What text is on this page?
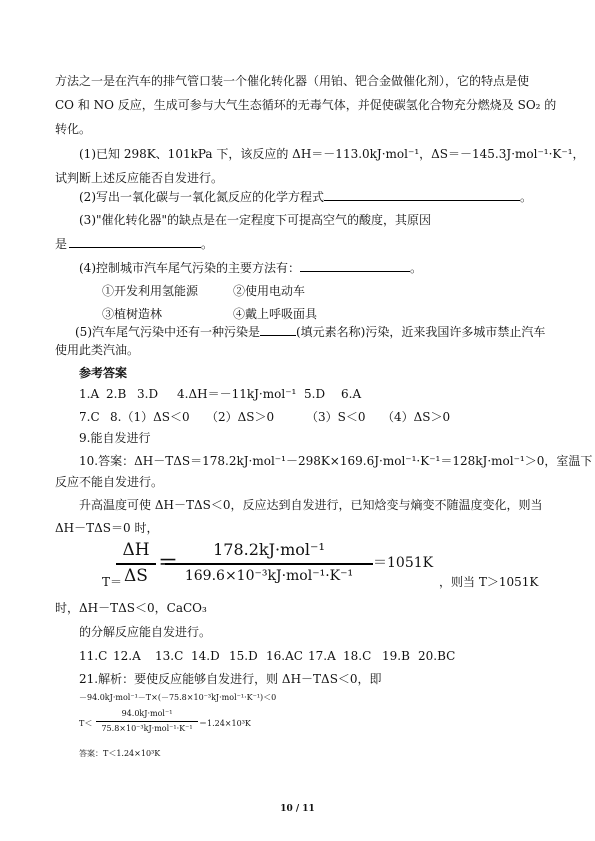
方法之一是在汽车的排气管口装一个催化转化器（用铂、钯合金做催化剂），它的特点是使
CO 和 NO 反应，生成可参与大气生态循环的无毒气体，并促使碳氢化合物充分燃烧及 SO₂ 的
转化。
(1)已知 298K、101kPa 下，该反应的 ΔH＝－113.0kJ·mol⁻¹，ΔS＝－145.3J·mol⁻¹·K⁻¹，
试判断上述反应能否自发进行。
(2)写出一氧化碳与一氧化氮反应的化学方程式	。
(3)"催化转化器"的缺点是在一定程度下可提高空气的酸度，其原因
是	。
(4)控制城市汽车尾气污染的主要方法有：	。
①开发利用氢能源	②使用电动车
③植树造林	④戴上呼吸面具
(5)汽车尾气污染中还有一种污染是	(填元素名称)污染，近来我国许多城市禁止汽车
使用此类汽油。
参考答案
1.A 2.B 3.D 4.ΔH＝－11kJ·mol⁻¹ 5.D 6.A
7.C 8.（1）ΔS＜0 （2）ΔS＞0	（3）S＜0 （4）ΔS＞0
9.能自发进行
10.答案：ΔH－TΔS＝178.2kJ·mol⁻¹－298K×169.6J·mol⁻¹·K⁻¹＝128kJ·mol⁻¹＞0，室温下
反应不能自发进行。
升高温度可使 ΔH－TΔS＜0，反应达到自发进行，已知焓变与熵变不随温度变化，则当
ΔH－TΔS＝0 时，
T＝
ΔH
ΔS
＝
178.2kJ·mol⁻¹
169.6×10⁻³kJ·mol⁻¹·K⁻¹
＝1051K
，则当 T＞1051K
时，ΔH－TΔS＜0，CaCO₃
的分解反应能自发进行。
11.C 12.A 13.C 14.D 15.D 16.AC 17.A 18.C 19.B 20.BC
21.解析：要使反应能够自发进行，则 ΔH－TΔS＜0，即
－94.0kJ·mol⁻¹－T×(－75.8×10⁻³kJ·mol⁻¹·K⁻¹)＜0
T＜
94.0kJ·mol⁻¹
75.8×10⁻³kJ·mol⁻¹·K⁻¹
＝1.24×10³K
答案：T＜1.24×10³K
10 / 11
